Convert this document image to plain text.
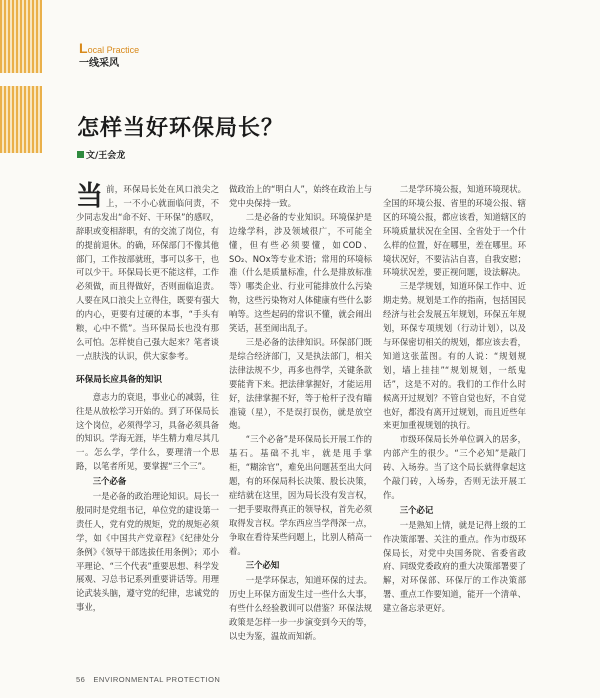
Local Practice
一线采风
怎样当好环保局长？
文/王会龙

当前，环保局长处在风口浪尖之上，一不小心就面临问责，不少同志发出“命不好、干环保”的感叹，辞职或变相辞职，有的交流了岗位，有的提前退休。的确，环保部门不像其他部门，工作按部就班，事可以多干，也可以少干。环保局长更不能这样，工作必须做，而且得做好，否则面临追责。人要在风口浪尖上立得住，既要有强大的内心，更要有过硬的本事，“手头有粮，心中不慌”。当环保局长也没有那么可怕。怎样使自己强大起来？笔者谈一点肤浅的认识，供大家参考。

环保局长应具备的知识

意志力的衰退，事业心的减弱，往往是从放松学习开始的。到了环保局长这个岗位，必须得学习，具备必须具备的知识。学海无涯，毕生精力难尽其几一。怎么学，学什么，要理清一个思路，以笔者所见，要掌握“三个三”。

三个必备

一是必备的政治理论知识。局长一般同时是党组书记，单位党的建设第一责任人，党有党的规矩，党的规矩必须学，如《中国共产党章程》《纪律处分条例》《领导干部选拔任用条例》；邓小平理论、“三个代表”重要思想、科学发展观、习总书记系列重要讲话等。用理论武装头脑，遵守党的纪律，忠诚党的事业，

做政治上的“明白人”，始终在政治上与党中央保持一致。

二是必备的专业知识。环境保护是边缘学科，涉及领域很广，不可能全懂，但有些必须要懂，如COD、SO₂、NOx等专业术语；常用的环境标准（什么是质量标准，什么是排放标准等）哪类企业、行业可能排放什么污染物，这些污染物对人体健康有些什么影响等。这些起码的常识不懂，就会闹出笑话，甚至闹出乱子。

三是必备的法律知识。环保部门既是综合经济部门，又是执法部门，相关法律法规不少，再多也得学，关键条款要能背下来。把法律掌握好，才能运用好，法律掌握不好，等于枪杆子没有瞄准镜（星），不是误打误伤，就是放空炮。

“三个必备”是环保局长开展工作的基石。基础不扎牢，就是甩手掌柜，“糊涂官”，难免出问题甚至出大问题，有的环保局科长决策、股长决策，症结就在这里，因为局长没有发言权，一把手要取得真正的领导权，首先必须取得发言权。学东西应当学得深一点，争取在看待某些问题上，比别人稍高一着。

三个必知

一是学环保志，知道环保的过去。历史上环保方面发生过一些什么大事，有些什么经验教训可以借鉴？环保法规政策是怎样一步一步演变到今天的等，以史为鉴，温故而知新。

二是学环境公报，知道环境现状。全国的环境公报、省里的环境公报、辖区的环境公报，都应该看，知道辖区的环境质量状况在全国、全省处于一个什么样的位置，好在哪里，差在哪里。环境状况好，不要沾沾自喜，自我安慰；环境状况差，要正视问题，设法解决。

三是学规划，知道环保工作中、近期走势。规划是工作的指南，包括国民经济与社会发展五年规划，环保五年规划，环保专项规划（行动计划），以及与环保密切相关的规划，都应该去看，知道这张蓝图。有的人说：“规划规划，墙上挂挂”“规划规划，一纸鬼话”，这是不对的。我们的工作什么时候离开过规划？不管自觉也好，不自觉也好，都没有离开过规划，而且近些年来更加重视规划的执行。

市级环保局长外单位调入的居多，内部产生的很少。“三个必知”是敲门砖、入场券。当了这个局长就得拿起这个敲门砖，入场券，否则无法开展工作。

三个必记

一是熟知上情，就是记得上级的工作决策部署、关注的重点。作为市级环保局长，对党中央国务院、省委省政府、同级党委政府的重大决策部署要了解，对环保部、环保厅的工作决策部署、重点工作要知道，能开一个清单、建立备忘录更好。

56 ENVIRONMENTAL PROTECTION
